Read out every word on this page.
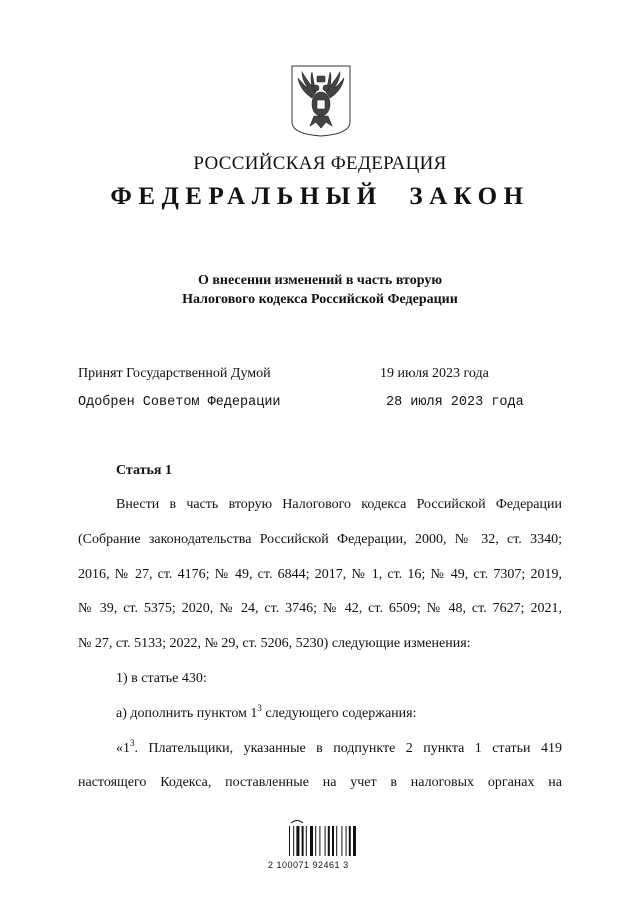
РОССИЙСКАЯ ФЕДЕРАЦИЯ
ФЕДЕРАЛЬНЫЙ ЗАКОН
О внесении изменений в часть вторую
Налогового кодекса Российской Федерации
Принят Государственной Думой	19 июля 2023 года
Одобрен Советом Федерации	28 июля 2023 года
Статья 1
Внести в часть вторую Налогового кодекса Российской Федерации
(Собрание законодательства Российской Федерации, 2000, № 32, ст. 3340;
2016, № 27, ст. 4176; № 49, ст. 6844; 2017, № 1, ст. 16; № 49, ст. 7307; 2019,
№ 39, ст. 5375; 2020, № 24, ст. 3746; № 42, ст. 6509; № 48, ст. 7627; 2021,
№ 27, ст. 5133; 2022, № 29, ст. 5206, 5230) следующие изменения:
1) в статье 430:
а) дополнить пунктом $1^3$ следующего содержания:
«$1^3$. Плательщики, указанные в подпункте 2 пункта 1 статьи 419
настоящего Кодекса, поставленные на учет в налоговых органах на
2 100071 92461 3
